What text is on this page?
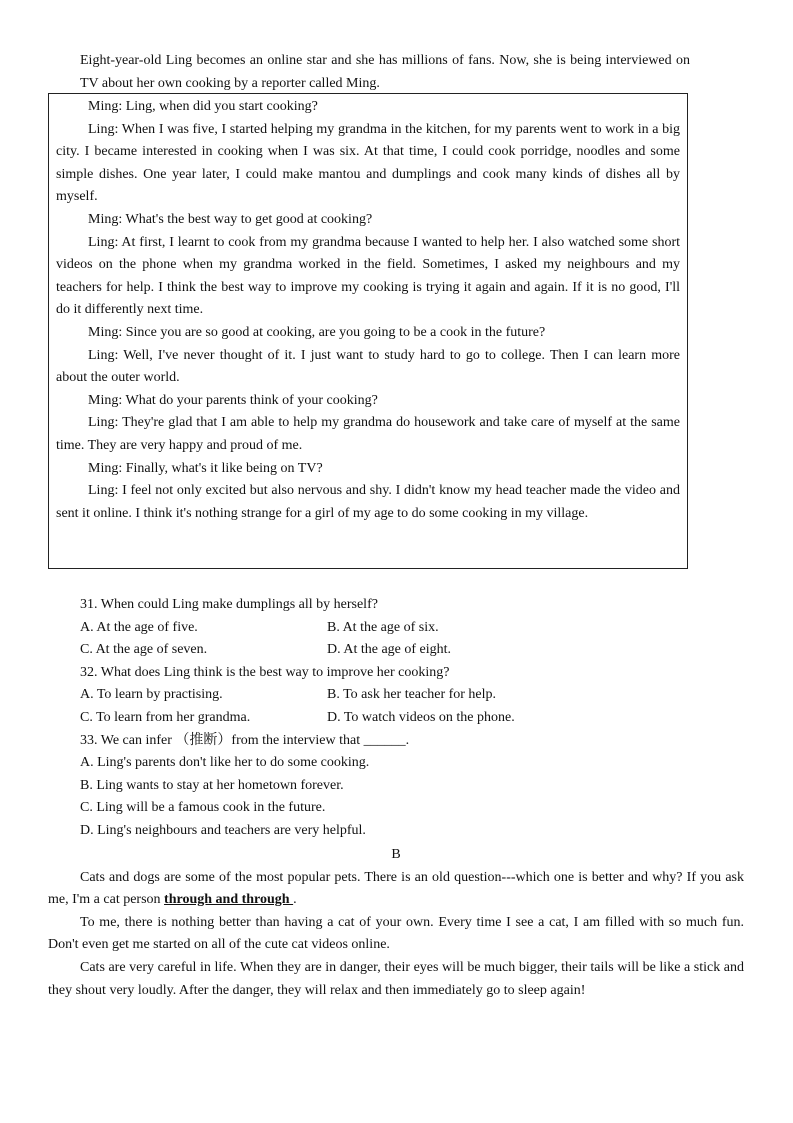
Eight-year-old Ling becomes an online star and she has millions of fans. Now, she is being interviewed on TV about her own cooking by a reporter called Ming.

Ming: Ling, when did you start cooking?

Ling: When I was five, I started helping my grandma in the kitchen, for my parents went to work in a big city. I became interested in cooking when I was six. At that time, I could cook porridge, noodles and some simple dishes. One year later, I could make mantou and dumplings and cook many kinds of dishes all by myself.

Ming: What's the best way to get good at cooking?

Ling: At first, I learnt to cook from my grandma because I wanted to help her. I also watched some short videos on the phone when my grandma worked in the field. Sometimes, I asked my neighbours and my teachers for help. I think the best way to improve my cooking is trying it again and again. If it is no good, I'll do it differently next time.

Ming: Since you are so good at cooking, are you going to be a cook in the future?

Ling: Well, I've never thought of it. I just want to study hard to go to college. Then I can learn more about the outer world.

Ming: What do your parents think of your cooking?

Ling: They're glad that I am able to help my grandma do housework and take care of myself at the same time. They are very happy and proud of me.

Ming: Finally, what's it like being on TV?

Ling: I feel not only excited but also nervous and shy. I didn't know my head teacher made the video and sent it online. I think it's nothing strange for a girl of my age to do some cooking in my village.

31. When could Ling make dumplings all by herself?

A. At the age of five.	B. At the age of six.

C. At the age of seven.	D. At the age of eight.

32. What does Ling think is the best way to improve her cooking?

A. To learn by practising.	B. To ask her teacher for help.

C. To learn from her grandma.	D. To watch videos on the phone.

33. We can infer （推断）from the interview that ______.

A. Ling's parents don't like her to do some cooking.

B. Ling wants to stay at her hometown forever.

C. Ling will be a famous cook in the future.

D. Ling's neighbours and teachers are very helpful.

B

Cats and dogs are some of the most popular pets. There is an old question---which one is better and why? If you ask me, I'm a cat person through and through .

To me, there is nothing better than having a cat of your own. Every time I see a cat, I am filled with so much fun. Don't even get me started on all of the cute cat videos online.

Cats are very careful in life. When they are in danger, their eyes will be much bigger, their tails will be like a stick and they shout very loudly. After the danger, they will relax and then immediately go to sleep again!
